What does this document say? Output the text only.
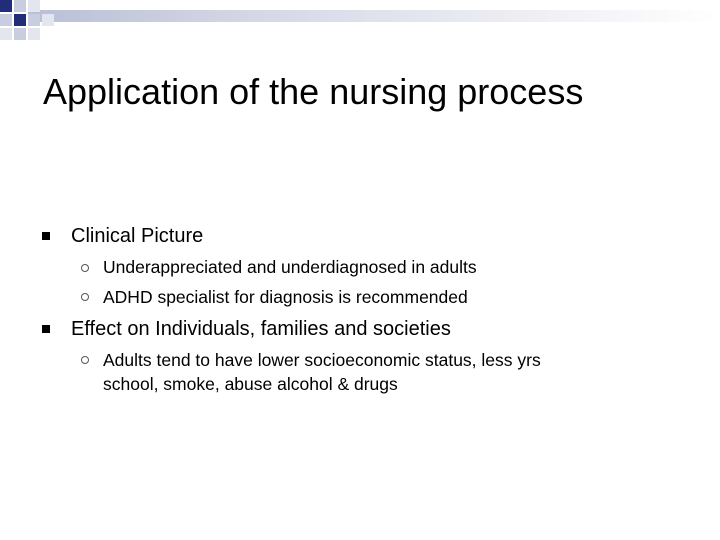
Application of the nursing process
Clinical Picture
Underappreciated and underdiagnosed in adults
ADHD specialist for diagnosis is recommended
Effect on Individuals, families and societies
Adults tend to have lower socioeconomic status, less yrs
school, smoke, abuse alcohol & drugs
